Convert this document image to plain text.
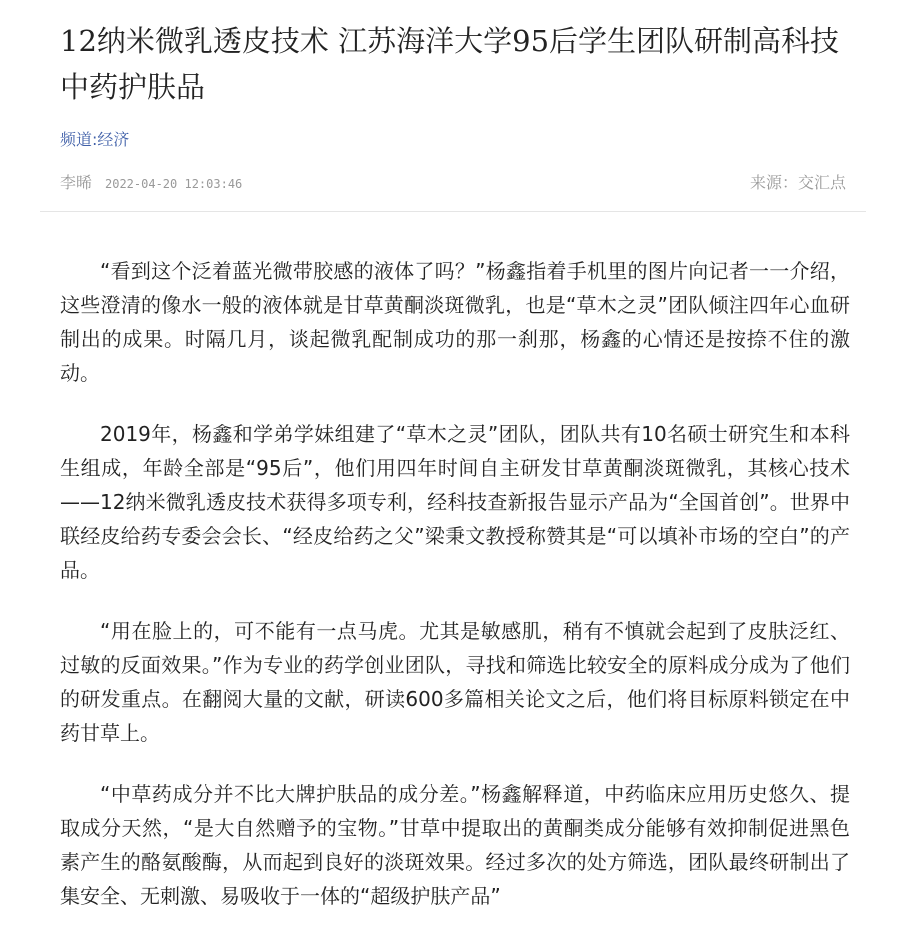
12纳米微乳透皮技术 江苏海洋大学95后学生团队研制高科技中药护肤品
频道:经济
李晞 2022-04-20 12:03:46	来源：交汇点

“看到这个泛着蓝光微带胶感的液体了吗？”杨鑫指着手机里的图片向记者一一介绍，这些澄清的像水一般的液体就是甘草黄酮淡斑微乳，也是“草木之灵”团队倾注四年心血研制出的成果。时隔几月，谈起微乳配制成功的那一刹那，杨鑫的心情还是按捺不住的激动。

2019年，杨鑫和学弟学妹组建了“草木之灵”团队，团队共有10名硕士研究生和本科生组成，年龄全部是“95后”，他们用四年时间自主研发甘草黄酮淡斑微乳，其核心技术——12纳米微乳透皮技术获得多项专利，经科技查新报告显示产品为“全国首创”。世界中联经皮给药专委会会长、“经皮给药之父”梁秉文教授称赞其是“可以填补市场的空白”的产品。

“用在脸上的，可不能有一点马虎。尤其是敏感肌，稍有不慎就会起到了皮肤泛红、过敏的反面效果。”作为专业的药学创业团队，寻找和筛选比较安全的原料成分成为了他们的研发重点。在翻阅大量的文献，研读600多篇相关论文之后，他们将目标原料锁定在中药甘草上。

“中草药成分并不比大牌护肤品的成分差。”杨鑫解释道，中药临床应用历史悠久、提取成分天然，“是大自然赠予的宝物。”甘草中提取出的黄酮类成分能够有效抑制促进黑色素产生的酪氨酸酶，从而起到良好的淡斑效果。经过多次的处方筛选，团队最终研制出了集安全、无刺激、易吸收于一体的“超级护肤产品”
